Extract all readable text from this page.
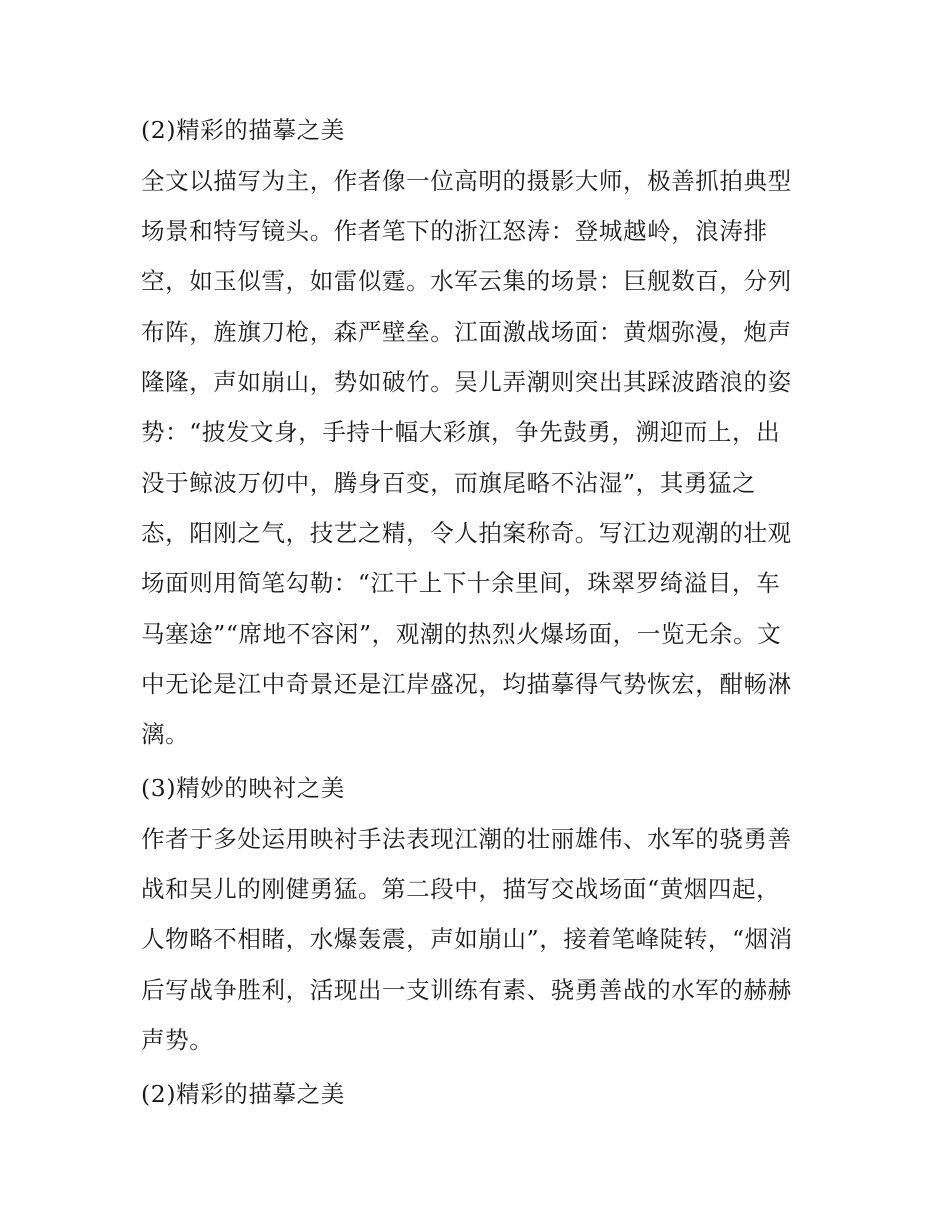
(2)精彩的描摹之美
全文以描写为主，作者像一位高明的摄影大师，极善抓拍典型
场景和特写镜头。作者笔下的浙江怒涛：登城越岭，浪涛排
空，如玉似雪，如雷似霆。水军云集的场景：巨舰数百，分列
布阵，旌旗刀枪，森严壁垒。江面激战场面：黄烟弥漫，炮声
隆隆，声如崩山，势如破竹。吴儿弄潮则突出其踩波踏浪的姿
势：“披发文身，手持十幅大彩旗，争先鼓勇，溯迎而上，出
没于鲸波万仞中，腾身百变，而旗尾略不沾湿”，其勇猛之
态，阳刚之气，技艺之精，令人拍案称奇。写江边观潮的壮观
场面则用简笔勾勒：“江干上下十余里间，珠翠罗绮溢目，车
马塞途”“席地不容闲”，观潮的热烈火爆场面，一览无余。文
中无论是江中奇景还是江岸盛况，均描摹得气势恢宏，酣畅淋
漓。
(3)精妙的映衬之美
作者于多处运用映衬手法表现江潮的壮丽雄伟、水军的骁勇善
战和吴儿的刚健勇猛。第二段中，描写交战场面“黄烟四起，
人物略不相睹，水爆轰震，声如崩山”，接着笔峰陡转，“烟消
后写战争胜利，活现出一支训练有素、骁勇善战的水军的赫赫
声势。
(2)精彩的描摹之美
